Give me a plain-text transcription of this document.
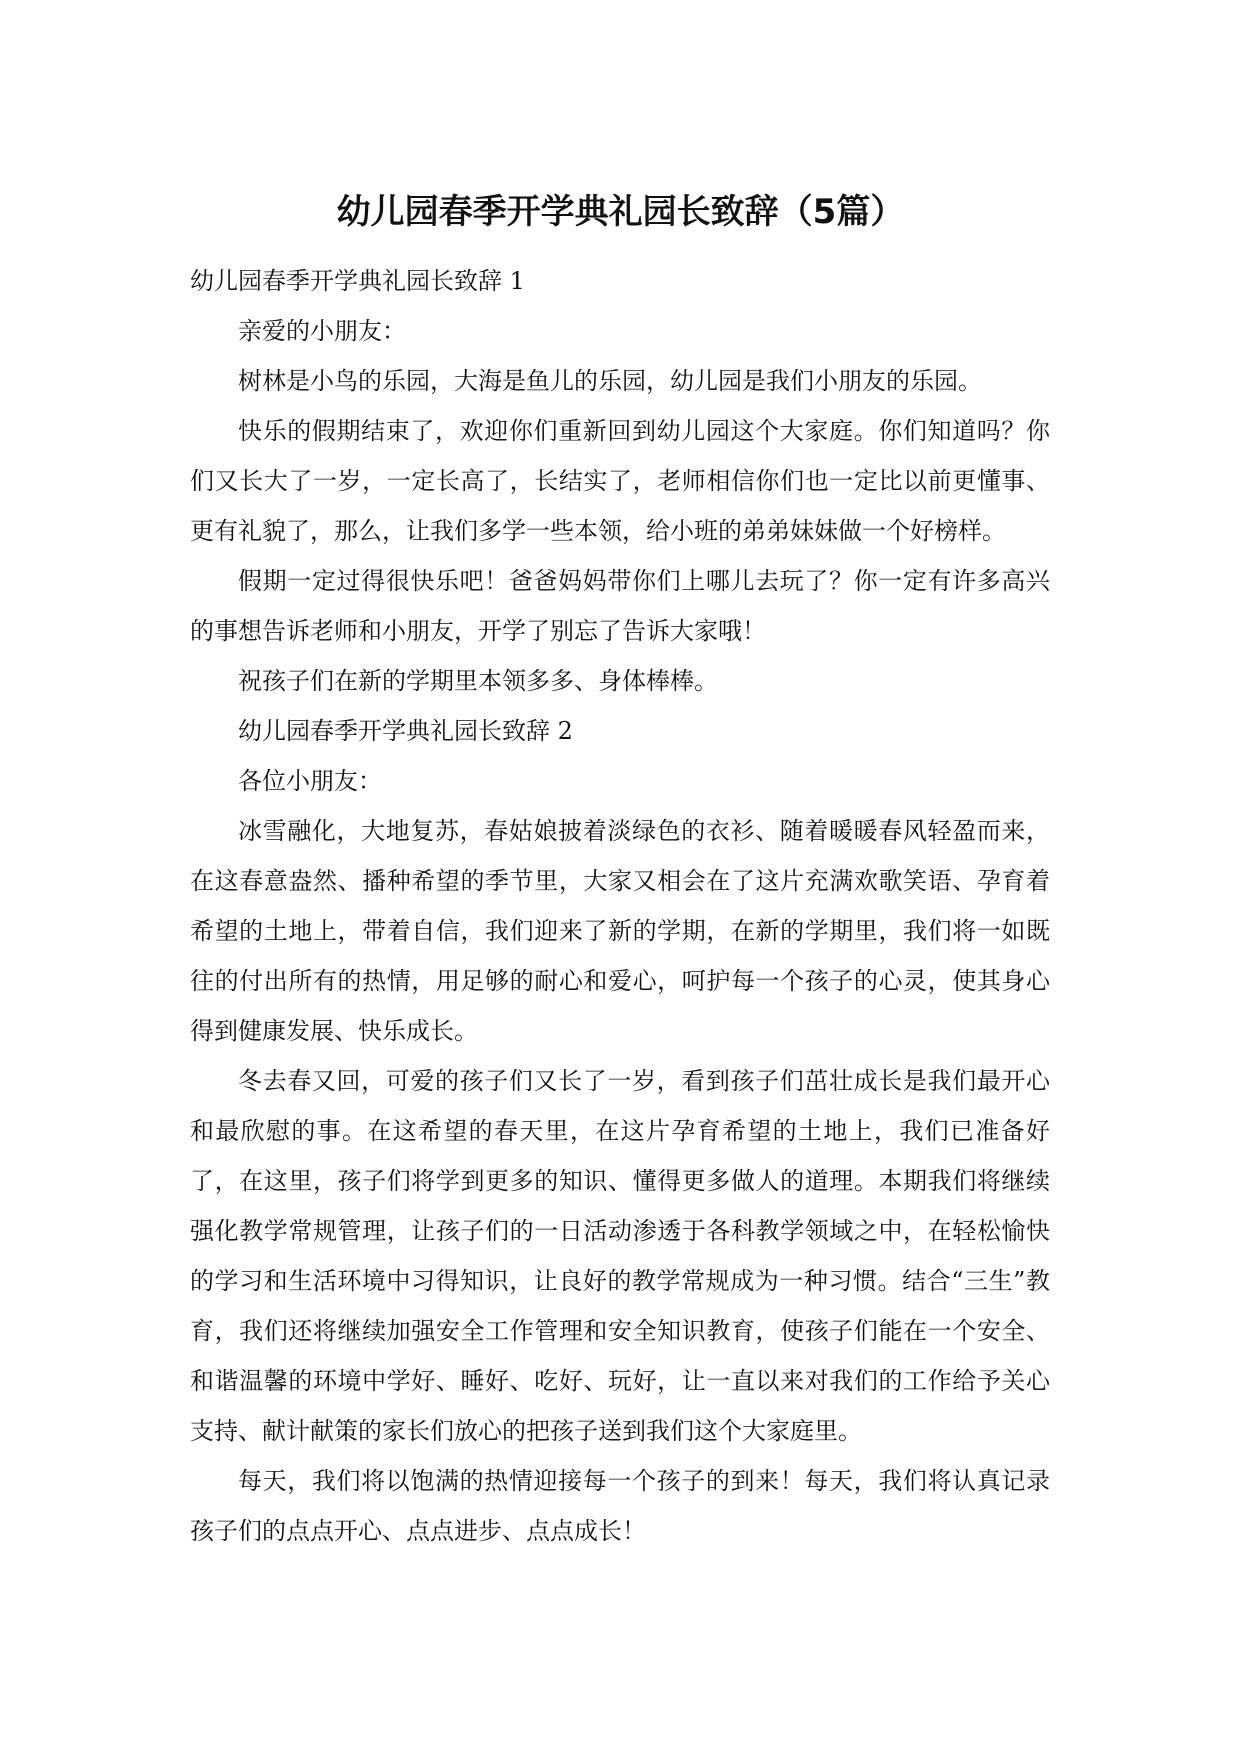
幼儿园春季开学典礼园长致辞（5篇）

幼儿园春季开学典礼园长致辞 1

亲爱的小朋友：

树林是小鸟的乐园，大海是鱼儿的乐园，幼儿园是我们小朋友的乐园。

快乐的假期结束了，欢迎你们重新回到幼儿园这个大家庭。你们知道吗？你们又长大了一岁，一定长高了，长结实了，老师相信你们也一定比以前更懂事、更有礼貌了，那么，让我们多学一些本领，给小班的弟弟妹妹做一个好榜样。

假期一定过得很快乐吧！爸爸妈妈带你们上哪儿去玩了？你一定有许多高兴的事想告诉老师和小朋友，开学了别忘了告诉大家哦！

祝孩子们在新的学期里本领多多、身体棒棒。

幼儿园春季开学典礼园长致辞 2

各位小朋友：

冰雪融化，大地复苏，春姑娘披着淡绿色的衣衫、随着暖暖春风轻盈而来，在这春意盎然、播种希望的季节里，大家又相会在了这片充满欢歌笑语、孕育着希望的土地上，带着自信，我们迎来了新的学期，在新的学期里，我们将一如既往的付出所有的热情，用足够的耐心和爱心，呵护每一个孩子的心灵，使其身心得到健康发展、快乐成长。

冬去春又回，可爱的孩子们又长了一岁，看到孩子们茁壮成长是我们最开心和最欣慰的事。在这希望的春天里，在这片孕育希望的土地上，我们已准备好了，在这里，孩子们将学到更多的知识、懂得更多做人的道理。本期我们将继续强化教学常规管理，让孩子们的一日活动渗透于各科教学领域之中，在轻松愉快的学习和生活环境中习得知识，让良好的教学常规成为一种习惯。结合“三生”教育，我们还将继续加强安全工作管理和安全知识教育，使孩子们能在一个安全、和谐温馨的环境中学好、睡好、吃好、玩好，让一直以来对我们的工作给予关心支持、献计献策的家长们放心的把孩子送到我们这个大家庭里。

每天，我们将以饱满的热情迎接每一个孩子的到来！每天，我们将认真记录孩子们的点点开心、点点进步、点点成长！
